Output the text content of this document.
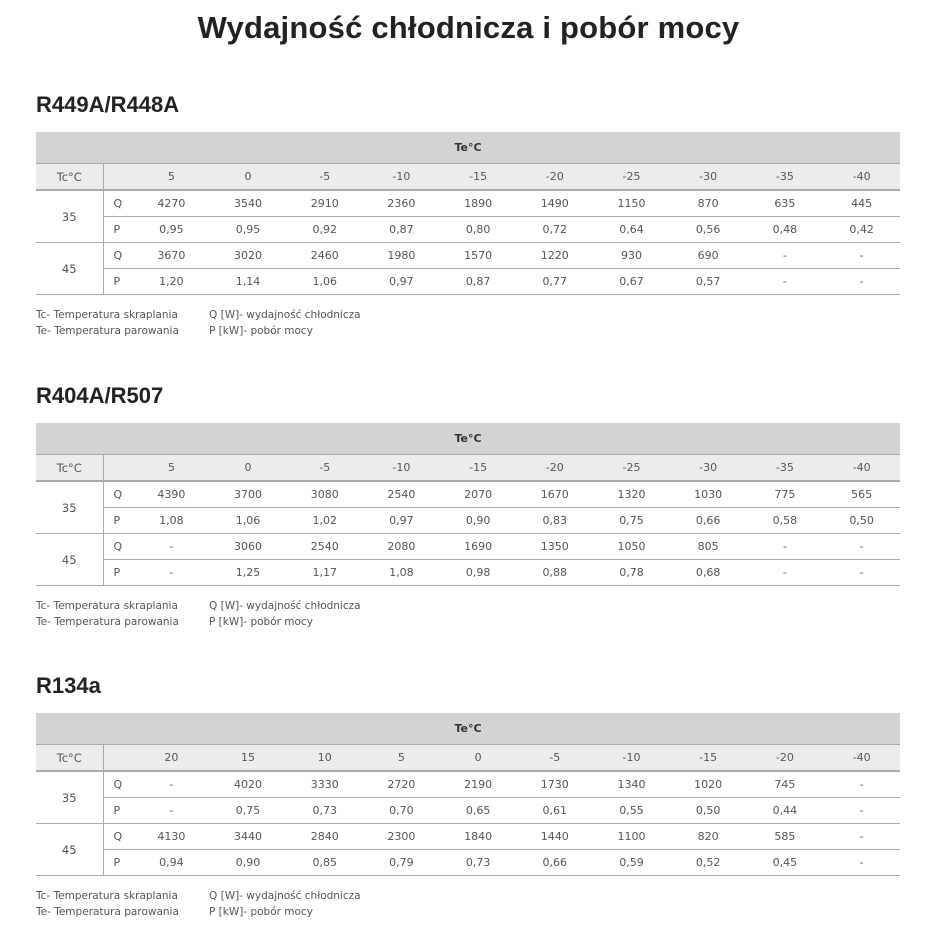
Wydajność chłodnicza i pobór mocy
R449A/R448A
Te°C											
Tc°C		5	0	-5	-10	-15	-20	-25	-30	-35	-40
35	Q	4270	3540	2910	2360	1890	1490	1150	870	635	445
	P	0,95	0,95	0,92	0,87	0,80	0,72	0,64	0,56	0,48	0,42
45	Q	3670	3020	2460	1980	1570	1220	930	690	-	-
	P	1,20	1,14	1,06	0,97	0,87	0,77	0,67	0,57	-	-
Tc- Temperatura skraplania	Q [W]- wydajność chłodnicza
Te- Temperatura parowania	P [kW]- pobór mocy
R404A/R507
Te°C											
Tc°C		5	0	-5	-10	-15	-20	-25	-30	-35	-40
35	Q	4390	3700	3080	2540	2070	1670	1320	1030	775	565
	P	1,08	1,06	1,02	0,97	0,90	0,83	0,75	0,66	0,58	0,50
45	Q	-	3060	2540	2080	1690	1350	1050	805	-	-
	P	-	1,25	1,17	1,08	0,98	0,88	0,78	0,68	-	-
Tc- Temperatura skraplania	Q [W]- wydajność chłodnicza
Te- Temperatura parowania	P [kW]- pobór mocy
R134a
Te°C											
Tc°C		20	15	10	5	0	-5	-10	-15	-20	-40
35	Q	-	4020	3330	2720	2190	1730	1340	1020	745	-
	P	-	0,75	0,73	0,70	0,65	0,61	0,55	0,50	0,44	-
45	Q	4130	3440	2840	2300	1840	1440	1100	820	585	-
	P	0,94	0,90	0,85	0,79	0,73	0,66	0,59	0,52	0,45	-
Tc- Temperatura skraplania	Q [W]- wydajność chłodnicza
Te- Temperatura parowania	P [kW]- pobór mocy
